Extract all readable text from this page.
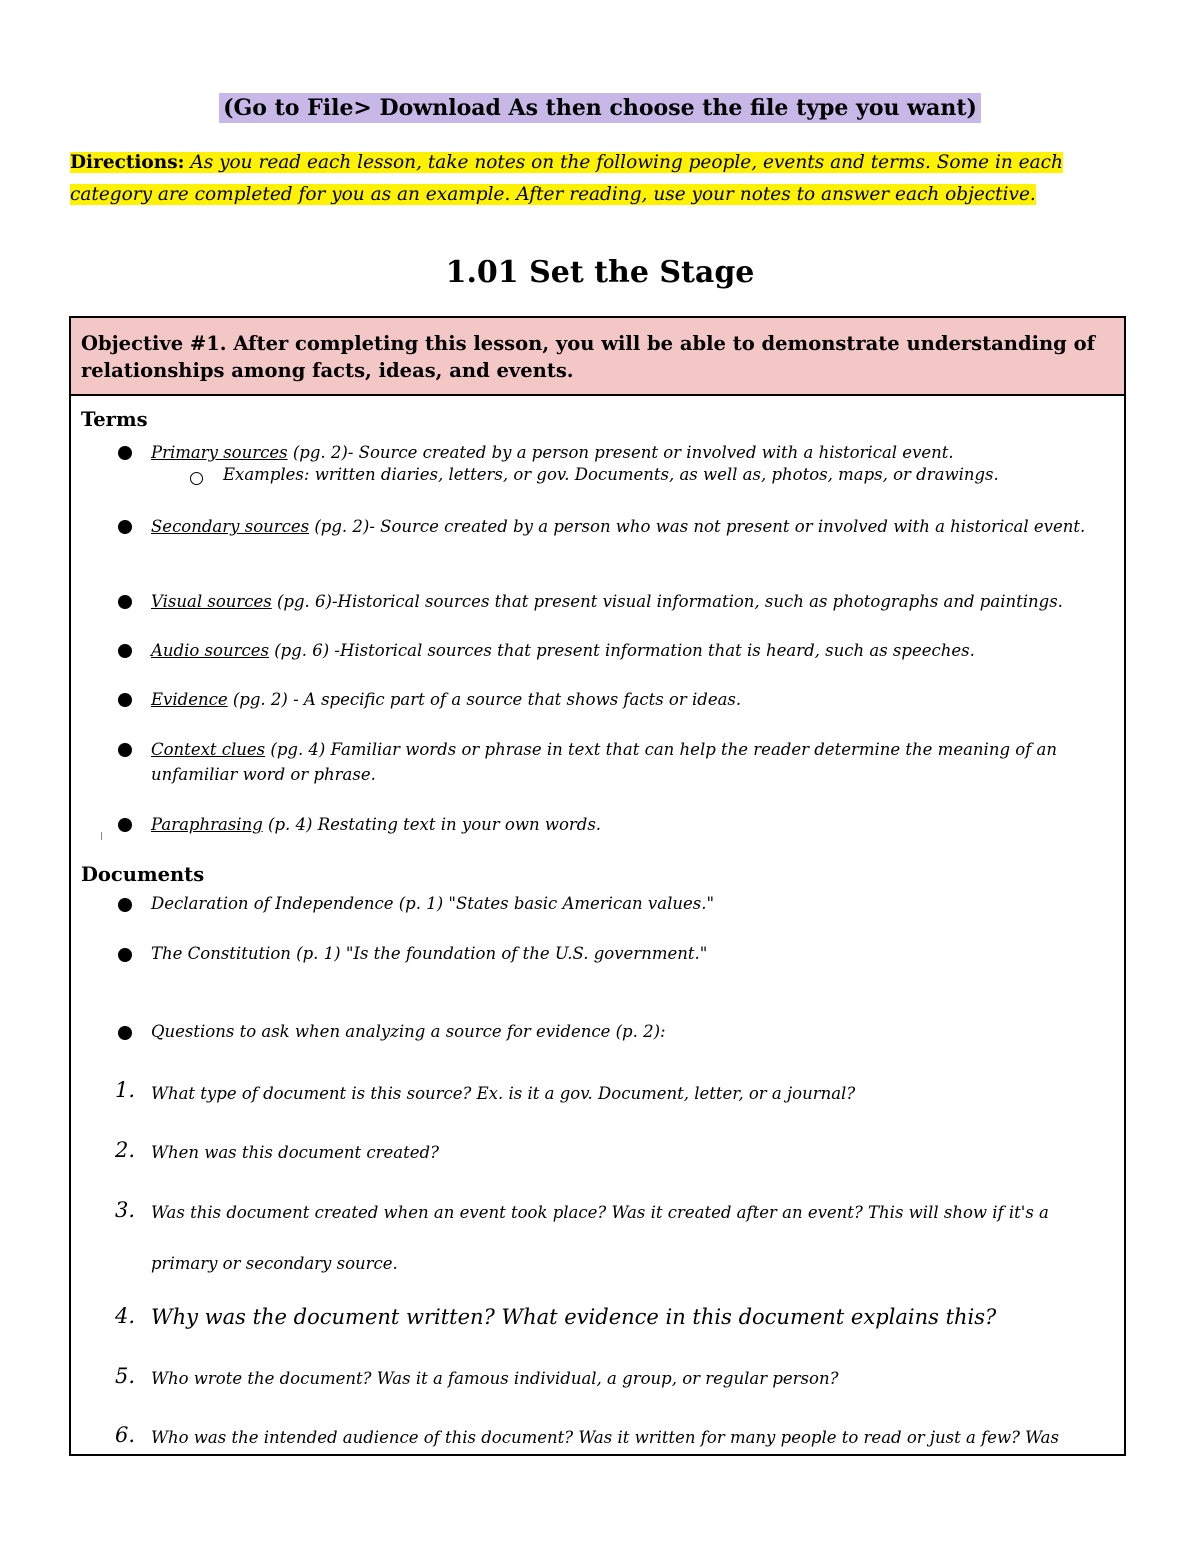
(Go to File> Download As then choose the file type you want)
Directions: As you read each lesson, take notes on the following people, events and terms. Some in each category are completed for you as an example. After reading, use your notes to answer each objective.
1.01 Set the Stage
Objective #1. After completing this lesson, you will be able to demonstrate understanding of relationships among facts, ideas, and events.
Terms
Primary sources (pg. 2)- Source created by a person present or involved with a historical event.
Examples: written diaries, letters, or gov. Documents, as well as, photos, maps, or drawings.
Secondary sources (pg. 2)- Source created by a person who was not present or involved with a historical event.
Visual sources (pg. 6)-Historical sources that present visual information, such as photographs and paintings.
Audio sources (pg. 6) -Historical sources that present information that is heard, such as speeches.
Evidence (pg. 2) - A specific part of a source that shows facts or ideas.
Context clues (pg. 4) Familiar words or phrase in text that can help the reader determine the meaning of an unfamiliar word or phrase.
Paraphrasing (p. 4) Restating text in your own words.
Documents
Declaration of Independence (p. 1) "States basic American values."
The Constitution (p. 1) "Is the foundation of the U.S. government."
Questions to ask when analyzing a source for evidence (p. 2):
1. What type of document is this source? Ex. is it a gov. Document, letter, or a journal?
2. When was this document created?
3. Was this document created when an event took place? Was it created after an event? This will show if it's a
primary or secondary source.
4. Why was the document written? What evidence in this document explains this?
5. Who wrote the document? Was it a famous individual, a group, or regular person?
6. Who was the intended audience of this document? Was it written for many people to read or just a few? Was
